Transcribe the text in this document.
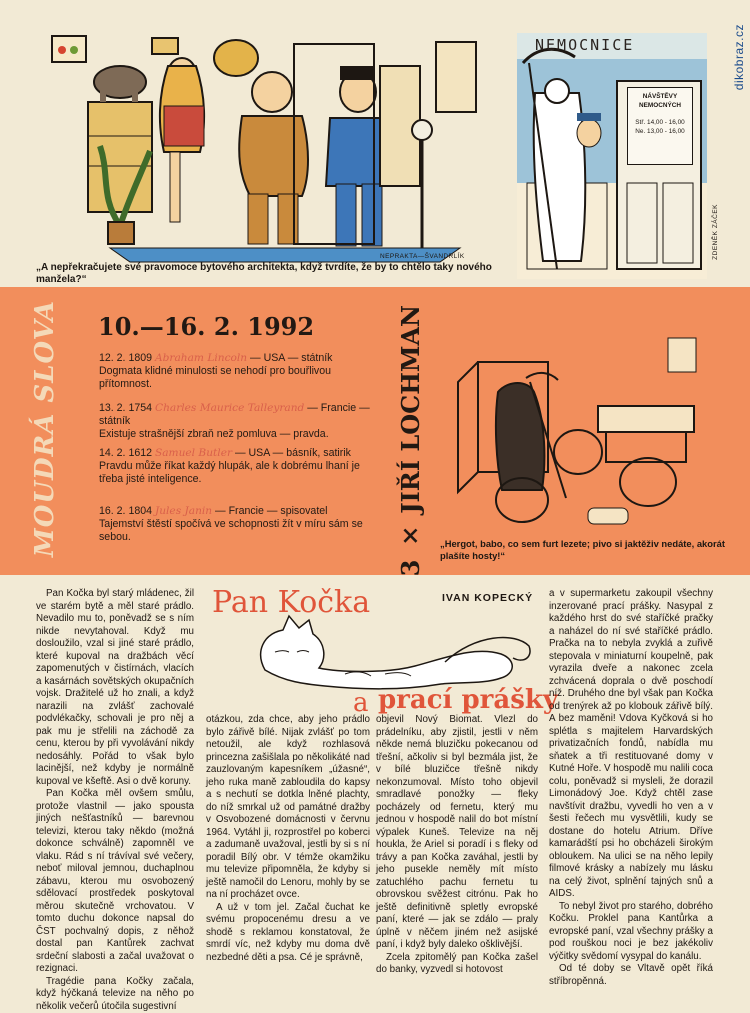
dikobraz.cz
NEPRAKTA—ŠVANDRLÍK
„A nepřekračujete své pravomoce bytového architekta, když tvrdíte, že by to chtělo taky nového manžela?“
NEMOCNICE
NÁVŠTĚVY NEMOCNÝCH
Stř. 14,00 - 16,00
Ne. 13,00 - 16,00
ZDENĚK ZÁČEK
MOUDRÁ SLOVA 10.—16. 2. 1992
12. 2. 1809 Abraham Lincoln — USA — státník
Dogmata klidné minulosti se nehodí pro bouřlivou přítomnost.
13. 2. 1754 Charles Maurice Talleyrand — Francie — státník
Existuje strašnější zbraň než pomluva — pravda.
14. 2. 1612 Samuel Butler — USA — básník, satirik
Pravdu může říkat každý hlupák, ale k dobrému lhaní je třeba jisté inteligence.
16. 2. 1804 Jules Janin — Francie — spisovatel
Tajemství štěstí spočívá ve schopnosti žít v míru sám se sebou.	3 × JIŘÍ LOCHMAN „Hergot, babo, co sem furt lezete; pivo si jaktěživ nedáte, akorát plašíte hosty!“

Pan Kočka byl starý mládenec, žil ve starém bytě a měl staré prádlo. Nevadilo mu to, poněvadž se s ním nikde nevytahoval. Když mu dosloužilo, vzal si jiné staré prádlo, které kupoval na dražbách věcí zapomenutých v čistírnách, vlacích a kasárnách sovětských okupačních vojsk. Dražitelé už ho znali, a když narazili na zvlášť zachovalé podvlékačky, schovali je pro něj a pak mu je střelili na záchodě za cenu, kterou by při vyvolávání nikdy nedosáhly. Pořád to však bylo lacinější, než kdyby je normálně kupoval ve kšeftě. Asi o dvě koruny.

Pan Kočka měl ovšem smůlu, protože vlastnil — jako spousta jiných nešťastníků — barevnou televizi, kterou taky někdo (možná dokonce schválně) zapomněl ve vlaku. Rád s ní trávíval své večery, neboť miloval jemnou, duchaplnou zábavu, kterou mu osvobozený sdělovací prostředek poskytoval měrou skutečně vrchovatou. V tomto duchu dokonce napsal do ČST pochvalný dopis, z něhož dostal pan Kantůrek zachvat srdeční slabosti a začal uvažovat o rezignaci.

Tragédie pana Kočky začala, když hýčkaná televize na něho po několik večerů útočila sugestivní

Pan Kočka	IVAN KOPECKÝ
a prací prášky

otázkou, zda chce, aby jeho prádlo bylo zářivě bílé. Nijak zvlášť po tom netoužil, ale když rozhlasová princezna zašišlala po několikáté nad zauzlovaným kapesníkem „úžasné“, jeho ruka maně zabloudila do kapsy a s nechutí se dotkla lněné plachty, do níž smrkal už od památné dražby v Osvobozené domácnosti v červnu 1964. Vytáhl ji, rozprostřel po koberci a zadumaně uvažoval, jestli by si s ní poradil Bílý obr. V témže okamžiku mu televize připomněla, že kdyby si ještě namočil do Lenoru, mohly by se na ní procházet ovce.

A už v tom jel. Začal čuchat ke svému propocenému dresu a ve shodě s reklamou konstatoval, že smrdí víc, než kdyby mu doma dvě nezbedné děti a psa. Cé je správně,

objevil Nový Biomat. Vlezl do prádelníku, aby zjistil, jestli v něm někde nemá bluzičku pokecanou od třešní, ačkoliv si byl bezmála jist, že v bílé bluzičce třešně nikdy nekonzumoval. Místo toho objevil smradlavé ponožky — fleky pocházely od fernetu, který mu jednou v hospodě nalil do bot místní výpalek Kuneš. Televize na něj houkla, že Ariel si poradí i s fleky od trávy a pan Kočka zaváhal, jestli by jeho pusekle neměly mít místo zatuchlého pachu fernetu tu obrovskou svěžest citrónu. Pak ho ještě definitivně spletly evropské paní, které — jak se zdálo — praly úplně v něčem jiném než asijské paní, i když byly daleko ošklivější.

Zcela zpitomělý pan Kočka zašel do banky, vyzvedl si hotovost

a v supermarketu zakoupil všechny inzerované prací prášky. Nasypal z každého hrst do své staříčké pračky a naházel do ní své staříčké prádlo. Pračka na to nebyla zvyklá a zuřivě stepovala v miniaturní koupelně, pak vyrazila dveře a nakonec zcela zchvácená doprala o dvě poschodí níž. Druhého dne byl však pan Kočka od trenýrek až po klobouk zářivě bílý. A bez maměni! Vdova Kyčková si ho splétla s majitelem Harvardských privatizačních fondů, nabídla mu sňatek a tři restituované domy v Kutné Hoře. V hospodě mu nalili coca colu, poněvadž si mysleli, že dorazil Limonádový Joe. Když chtěl zase navštívit dražbu, vyvedli ho ven a v šesti řečech mu vysvětlili, kudy se dostane do hotelu Atrium. Dříve kamarádští psi ho obcházeli širokým obloukem. Na ulici se na něho lepily filmové krásky a nabízely mu lásku na celý život, splnění tajných snů a AIDS.

To nebyl život pro starého, dobrého Kočku. Proklel pana Kantůrka a evropské paní, vzal všechny prášky a pod rouškou noci je bez jakékoliv výčitky svědomí vysypal do kanálu.

Od té doby se Vltavě opět říká stříbropěnná.
